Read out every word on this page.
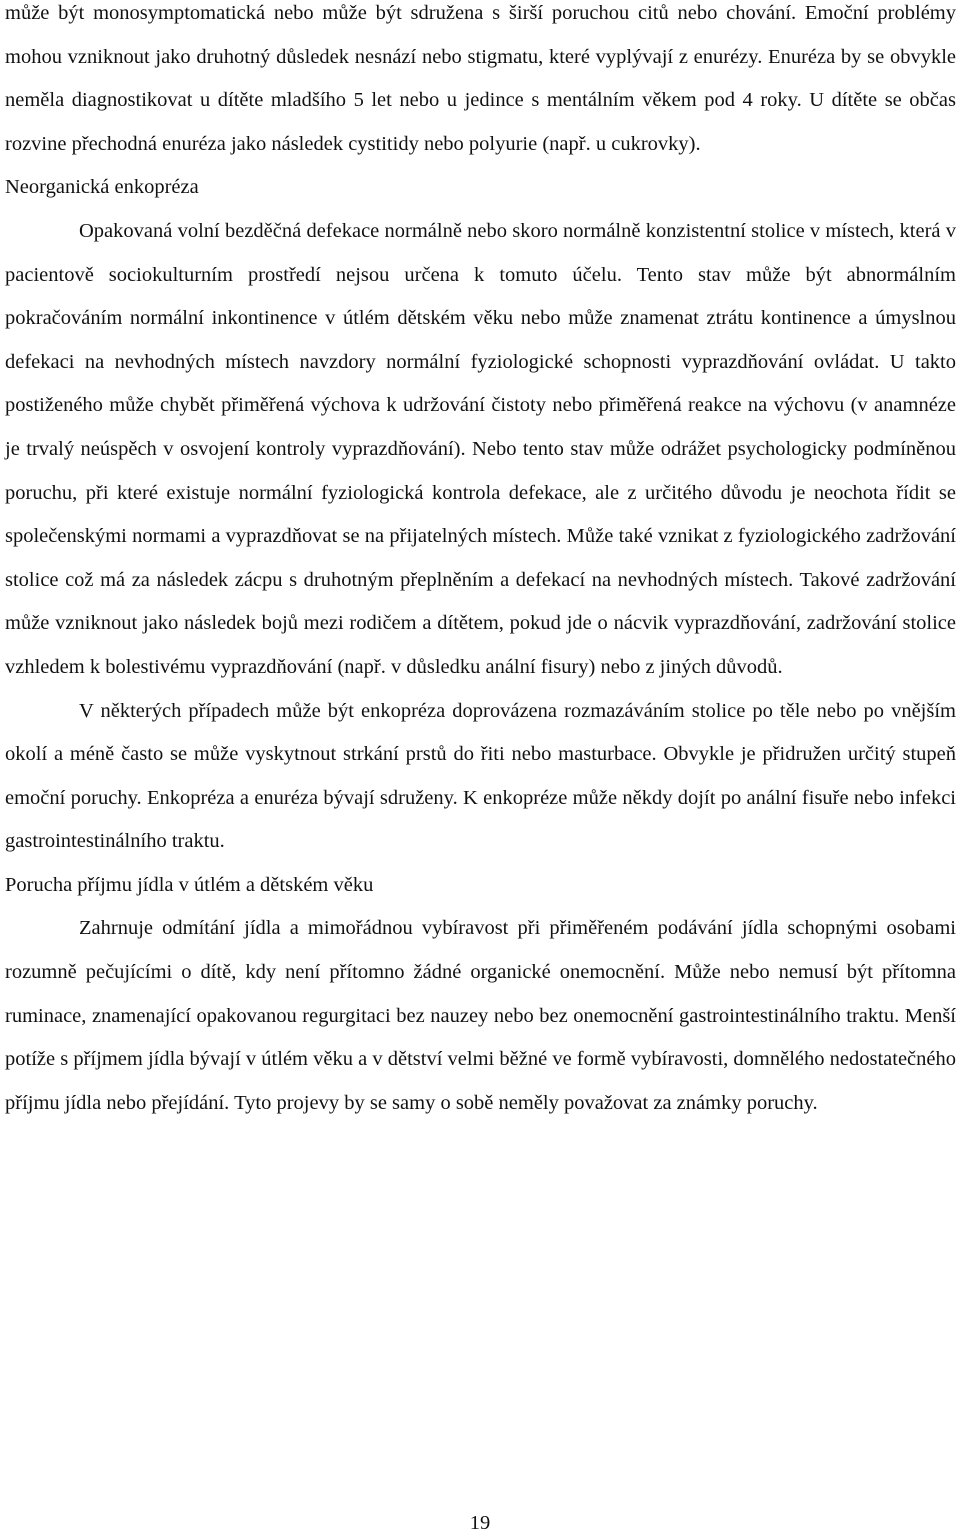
může být monosymptomatická nebo může být sdružena s širší poruchou citů nebo chování. Emoční problémy mohou vzniknout jako druhotný důsledek nesnází nebo stigmatu, které vyplývají z enurézy. Enuréza by se obvykle neměla diagnostikovat u dítěte mladšího 5 let nebo u jedince s mentálním věkem pod 4 roky. U dítěte se občas rozvine přechodná enuréza jako následek cystitidy nebo polyurie (např. u cukrovky).

Neorganická enkopréza

Opakovaná volní bezděčná defekace normálně nebo skoro normálně konzistentní stolice v místech, která v pacientově sociokulturním prostředí nejsou určena k tomuto účelu. Tento stav může být abnormálním pokračováním normální inkontinence v útlém dětském věku nebo může znamenat ztrátu kontinence a úmyslnou defekaci na nevhodných místech navzdory normální fyziologické schopnosti vyprazdňování ovládat. U takto postiženého může chybět přiměřená výchova k udržování čistoty nebo přiměřená reakce na výchovu (v anamnéze je trvalý neúspěch v osvojení kontroly vyprazdňování). Nebo tento stav může odrážet psychologicky podmíněnou poruchu, při které existuje normální fyziologická kontrola defekace, ale z určitého důvodu je neochota řídit se společenskými normami a vyprazdňovat se na přijatelných místech. Může také vznikat z fyziologického zadržování stolice což má za následek zácpu s druhotným přeplněním a defekací na nevhodných místech. Takové zadržování může vzniknout jako následek bojů mezi rodičem a dítětem, pokud jde o nácvik vyprazdňování, zadržování stolice vzhledem k bolestivému vyprazdňování (např. v důsledku anální fisury) nebo z jiných důvodů.

V některých případech může být enkopréza doprovázena rozmazáváním stolice po těle nebo po vnějším okolí a méně často se může vyskytnout strkání prstů do řiti nebo masturbace. Obvykle je přidružen určitý stupeň emoční poruchy. Enkopréza a enuréza bývají sdruženy. K enkopréze může někdy dojít po anální fisuře nebo infekci gastrointestinálního traktu.

Porucha příjmu jídla v útlém a dětském věku

Zahrnuje odmítání jídla a mimořádnou vybíravost při přiměřeném podávání jídla schopnými osobami rozumně pečujícími o dítě, kdy není přítomno žádné organické onemocnění. Může nebo nemusí být přítomna ruminace, znamenající opakovanou regurgitaci bez nauzey nebo bez onemocnění gastrointestinálního traktu. Menší potíže s příjmem jídla bývají v útlém věku a v dětství velmi běžné ve formě vybíravosti, domnělého nedostatečného příjmu jídla nebo přejídání. Tyto projevy by se samy o sobě neměly považovat za známky poruchy.

19
